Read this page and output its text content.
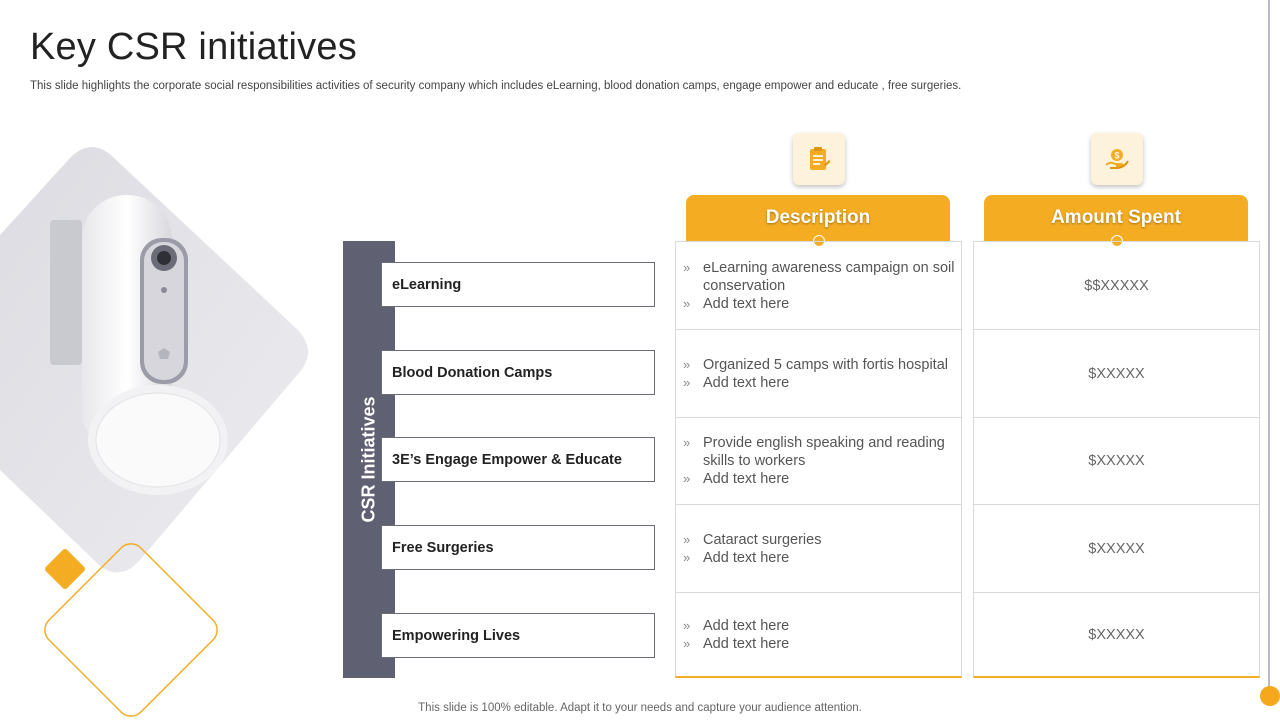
Key CSR initiatives
This slide highlights the corporate social responsibilities activities of security company which includes eLearning, blood donation camps, engage empower and educate , free surgeries.
CSR Initiatives
eLearning
Blood Donation Camps
3E’s Engage Empower & Educate
Free Surgeries
Empowering Lives
$
Description	Amount Spent
» eLearning awareness campaign on soil conservation
» Add text here
» Organized 5 camps with fortis hospital
» Add text here
» Provide english speaking and reading skills to workers
» Add text here
» Cataract surgeries
» Add text here
» Add text here
» Add text here
$$XXXXX
$XXXXX
$XXXXX
$XXXXX
$XXXXX
This slide is 100% editable. Adapt it to your needs and capture your audience attention.
